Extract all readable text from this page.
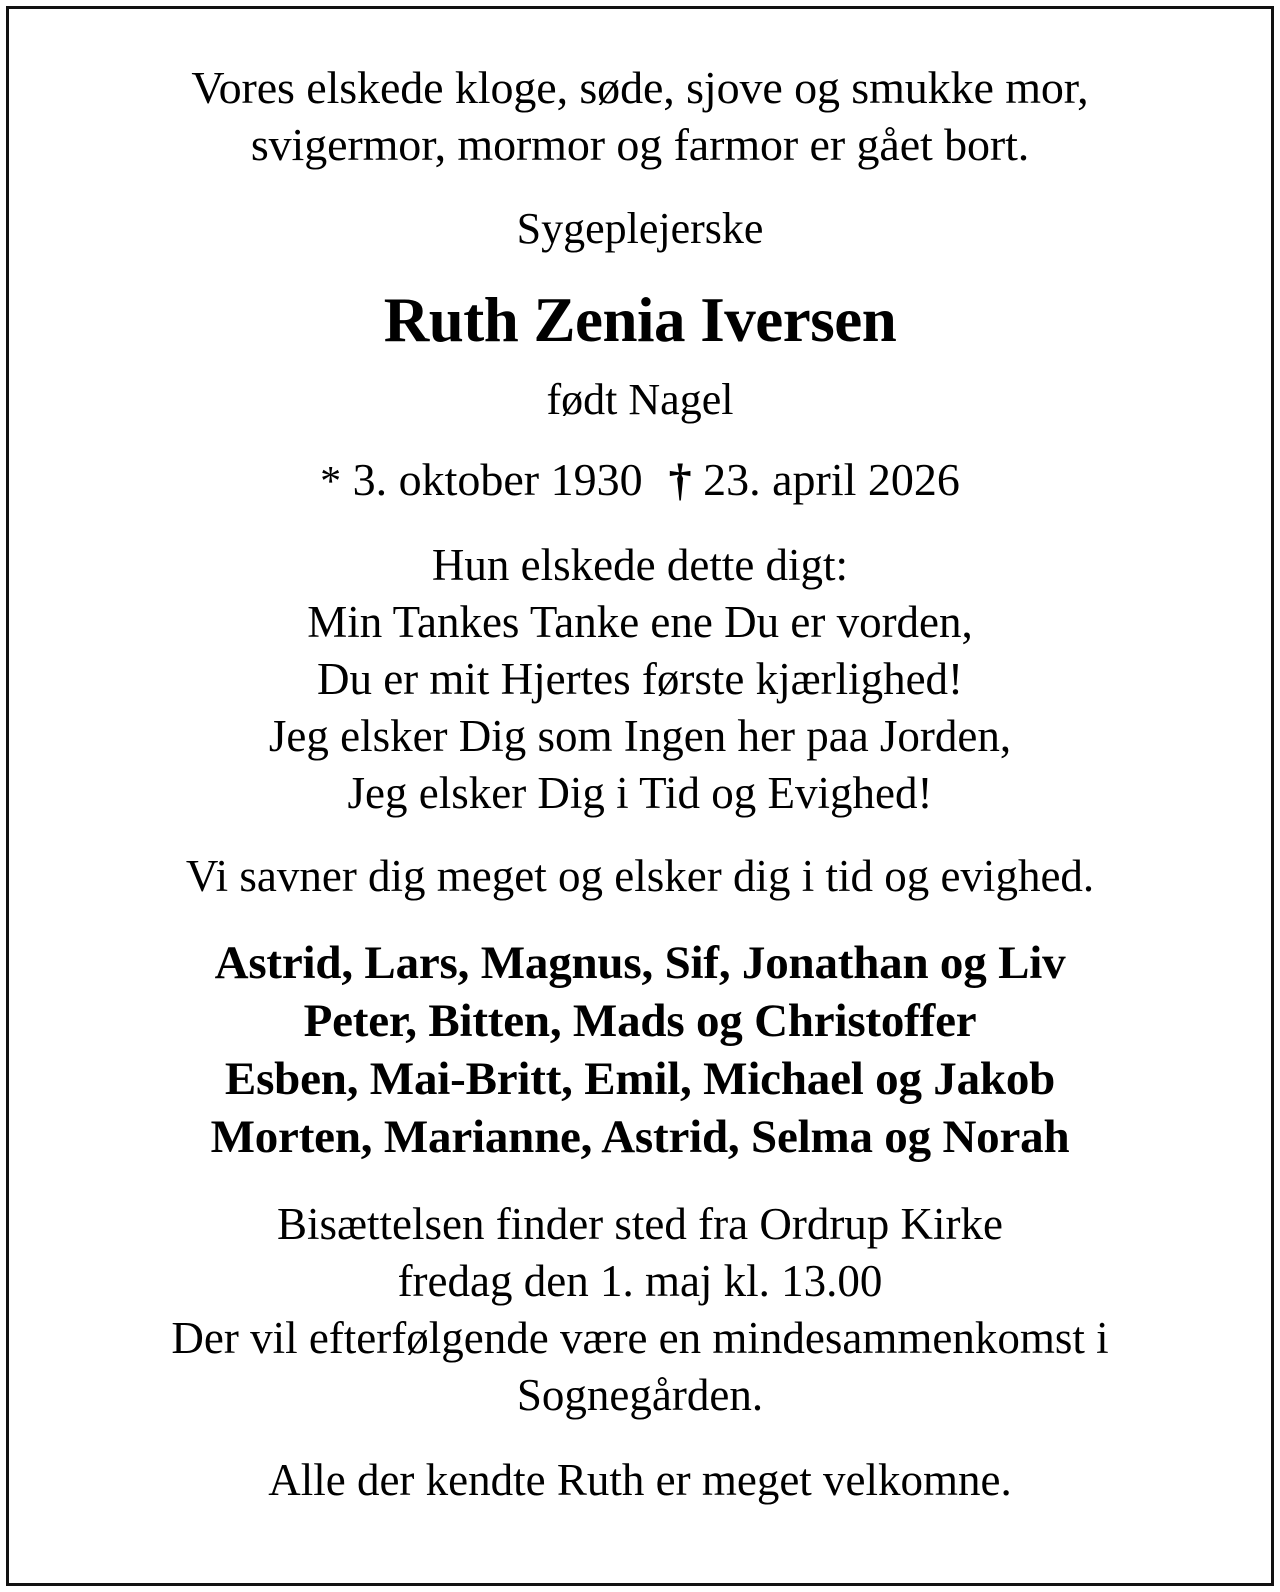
Vores elskede kloge, søde, sjove og smukke mor,
svigermor, mormor og farmor er gået bort.
Sygeplejerske
Ruth Zenia Iversen
født Nagel
* 3. oktober 1930 † 23. april 2026
Hun elskede dette digt:
Min Tankes Tanke ene Du er vorden,
Du er mit Hjertes første kjærlighed!
Jeg elsker Dig som Ingen her paa Jorden,
Jeg elsker Dig i Tid og Evighed!
Vi savner dig meget og elsker dig i tid og evighed.
Astrid, Lars, Magnus, Sif, Jonathan og Liv
Peter, Bitten, Mads og Christoffer
Esben, Mai-Britt, Emil, Michael og Jakob
Morten, Marianne, Astrid, Selma og Norah
Bisættelsen finder sted fra Ordrup Kirke
fredag den 1. maj kl. 13.00
Der vil efterfølgende være en mindesammenkomst i
Sognegården.
Alle der kendte Ruth er meget velkomne.
